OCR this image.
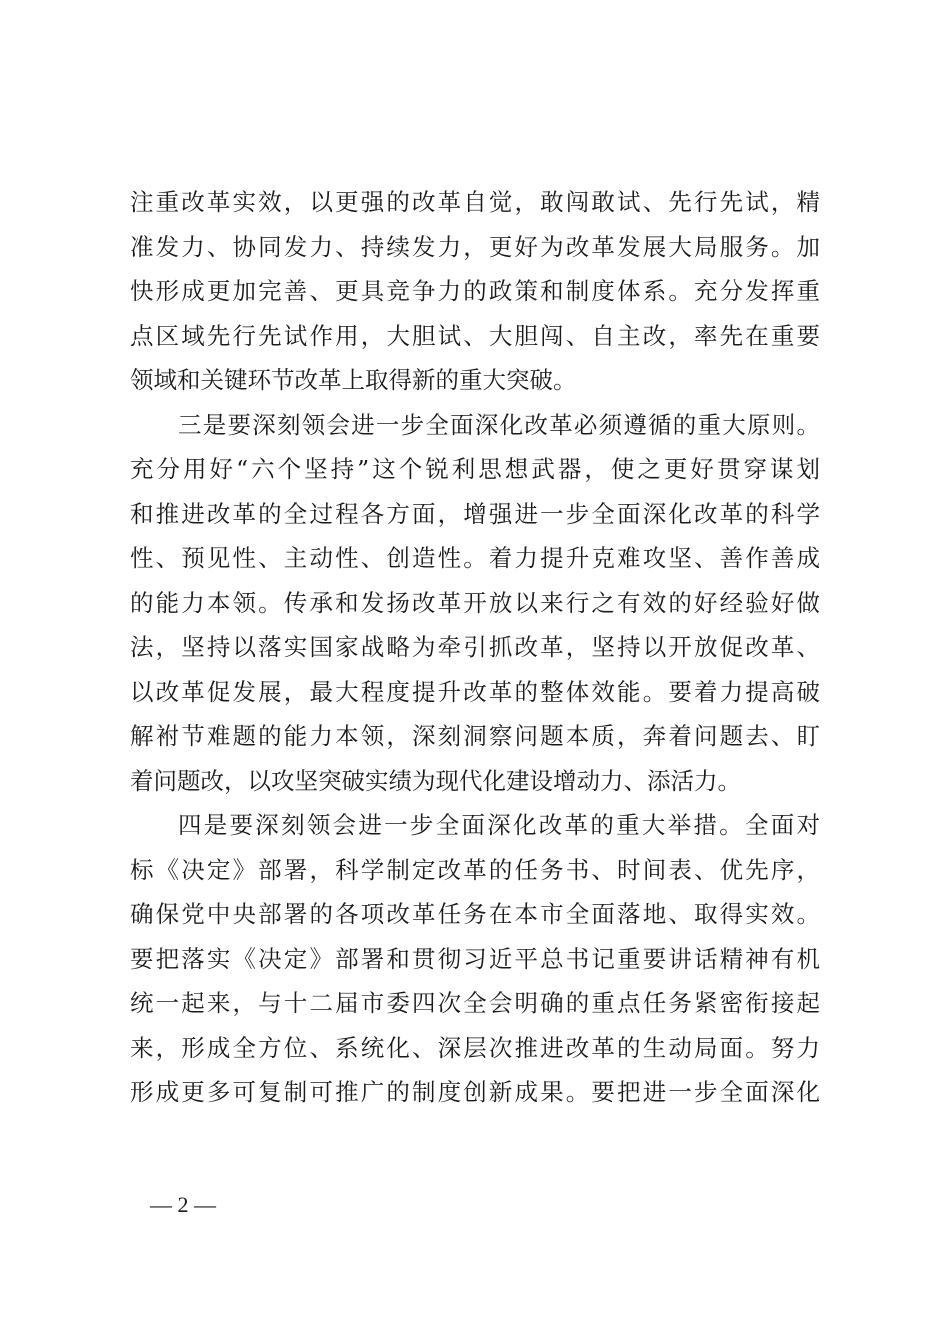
注重改革实效，以更强的改革自觉，敢闯敢试、先行先试，精
准发力、协同发力、持续发力，更好为改革发展大局服务。加
快形成更加完善、更具竞争力的政策和制度体系。充分发挥重
点区域先行先试作用，大胆试、大胆闯、自主改，率先在重要
领域和关键环节改革上取得新的重大突破。
三是要深刻领会进一步全面深化改革必须遵循的重大原则。
充分用好“六个坚持”这个锐利思想武器，使之更好贯穿谋划
和推进改革的全过程各方面，增强进一步全面深化改革的科学
性、预见性、主动性、创造性。着力提升克难攻坚、善作善成
的能力本领。传承和发扬改革开放以来行之有效的好经验好做
法，坚持以落实国家战略为牵引抓改革，坚持以开放促改革、
以改革促发展，最大程度提升改革的整体效能。要着力提高破
解袝节难题的能力本领，深刻洞察问题本质，奔着问题去、盯
着问题改，以攻坚突破实绩为现代化建设增动力、添活力。
四是要深刻领会进一步全面深化改革的重大举措。全面对
标《决定》部署，科学制定改革的任务书、时间表、优先序，
确保党中央部署的各项改革任务在本市全面落地、取得实效。
要把落实《决定》部署和贯彻习近平总书记重要讲话精神有机
统一起来，与十二届市委四次全会明确的重点任务紧密衔接起
来，形成全方位、系统化、深层次推进改革的生动局面。努力
形成更多可复制可推广的制度创新成果。要把进一步全面深化
— 2 —
